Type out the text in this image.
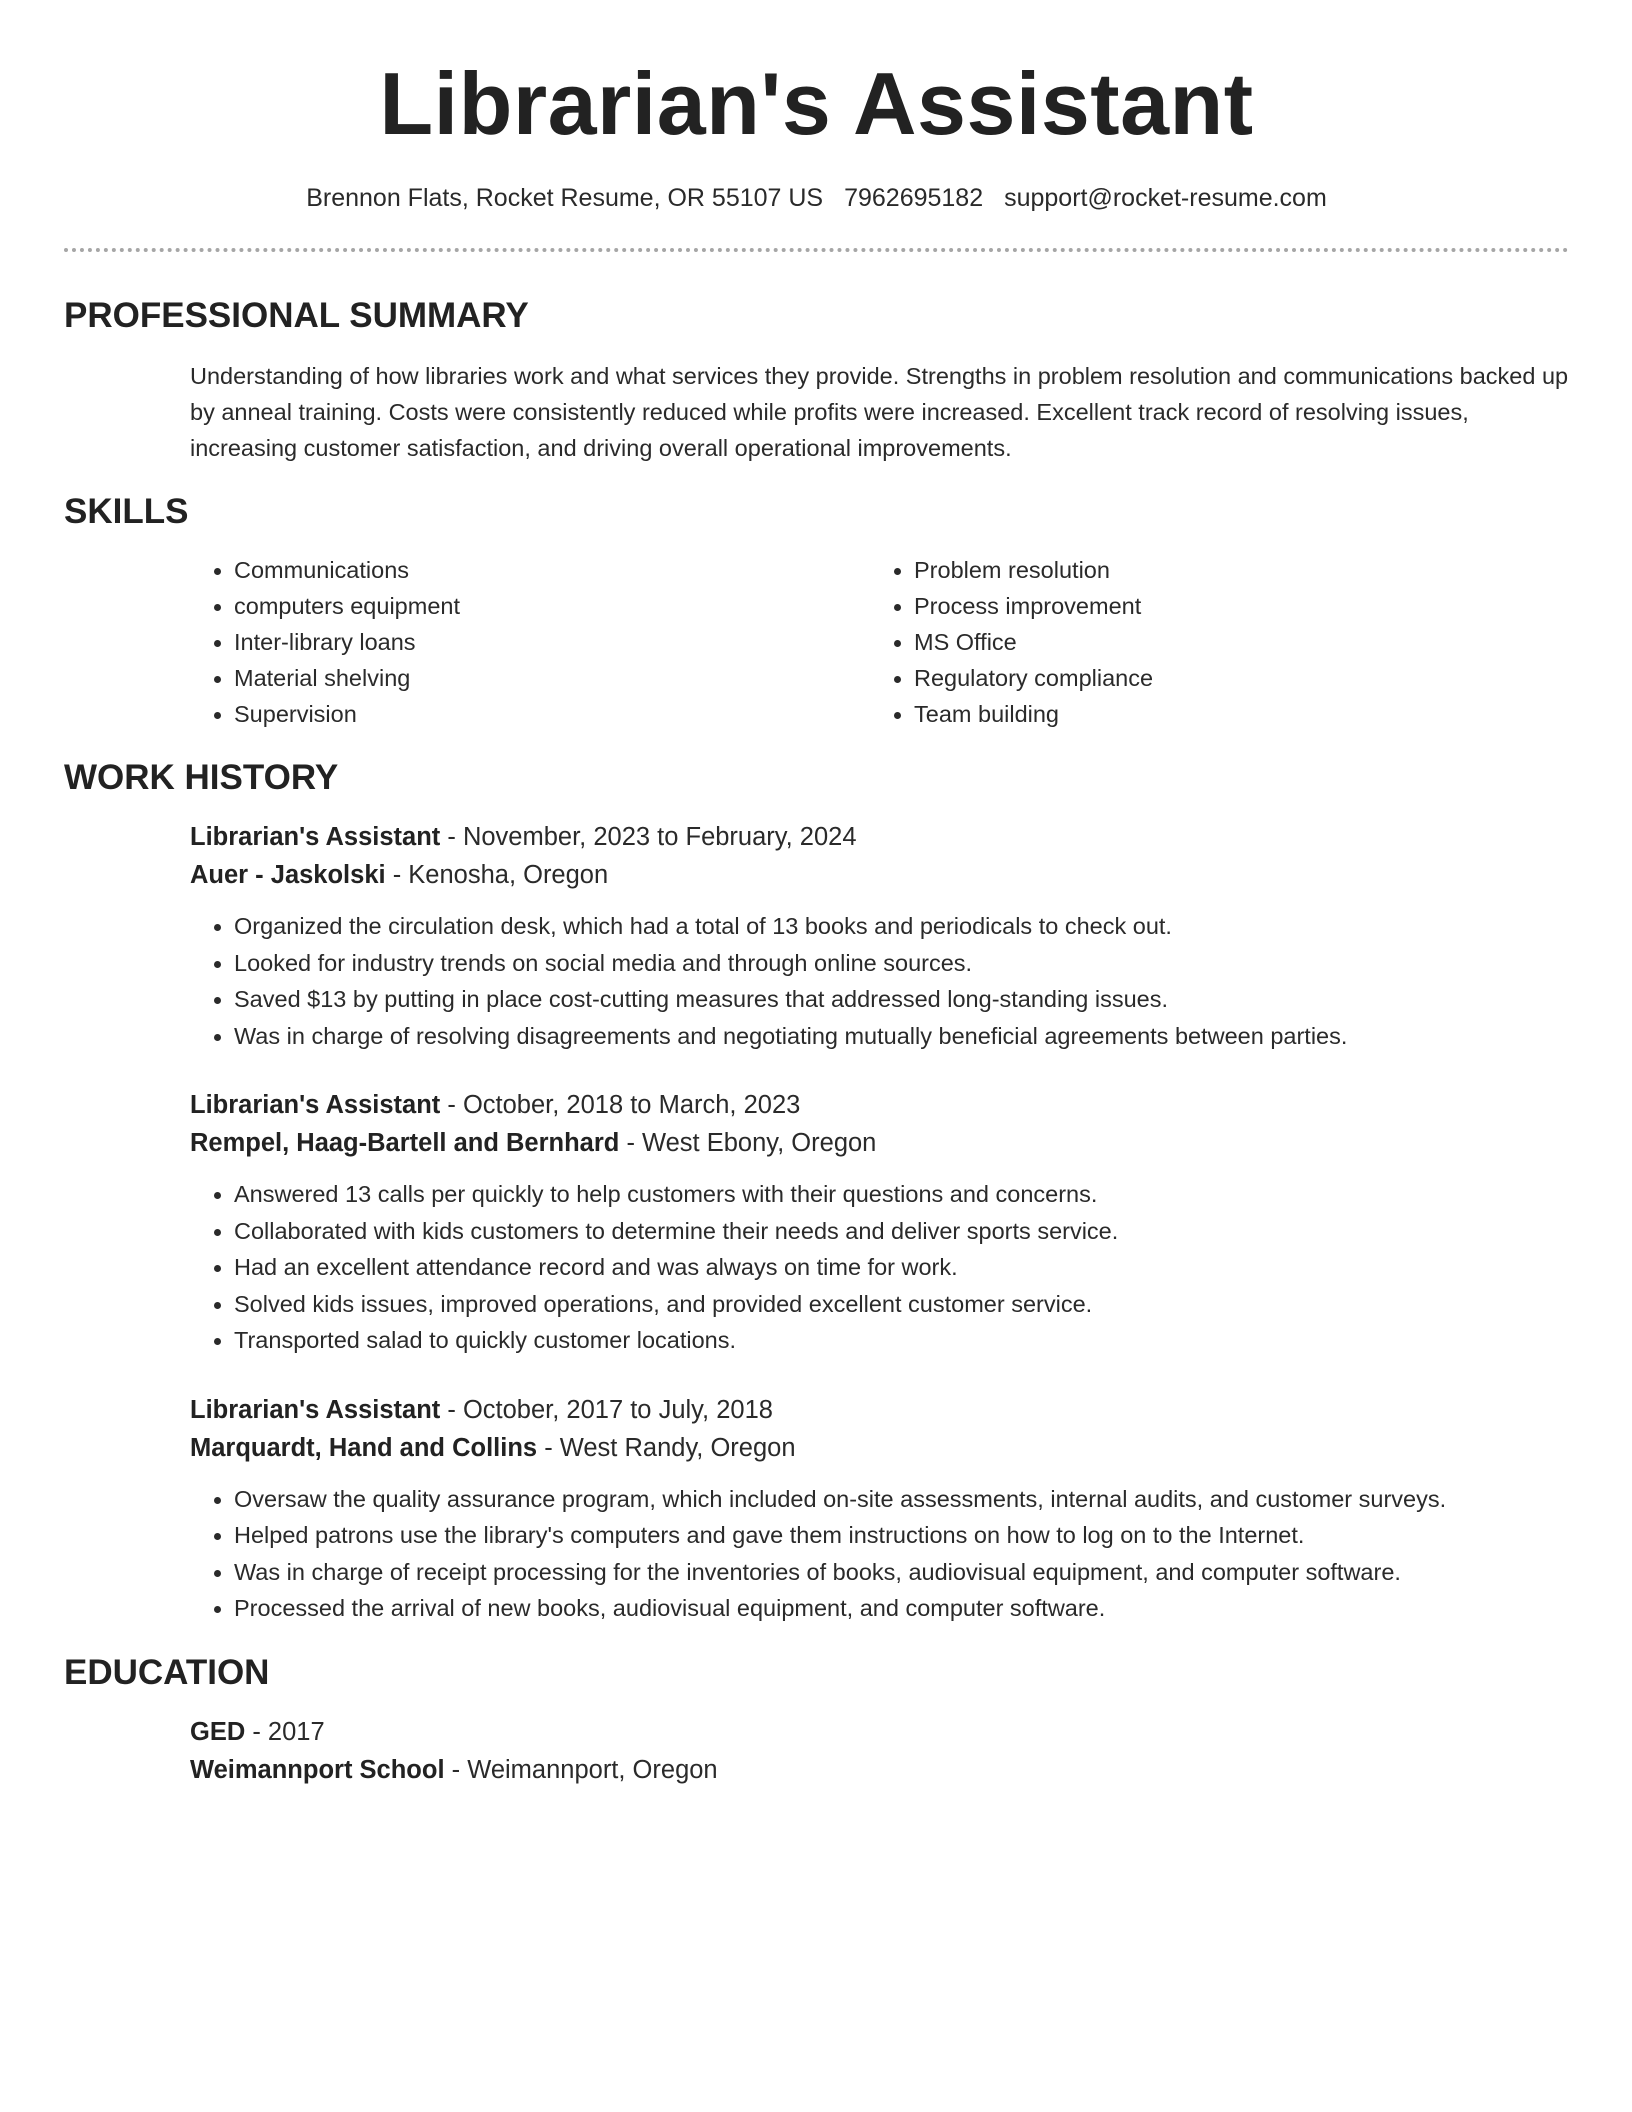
Librarian's Assistant
Brennon Flats, Rocket Resume, OR 55107 US 7962695182 support@rocket-resume.com
PROFESSIONAL SUMMARY

Understanding of how libraries work and what services they provide. Strengths in problem resolution and communications backed up by anneal training. Costs were consistently reduced while profits were increased. Excellent track record of resolving issues, increasing customer satisfaction, and driving overall operational improvements.

SKILLS
• Communications
• computers equipment
• Inter-library loans
• Material shelving
• Supervision
• Problem resolution
• Process improvement
• MS Office
• Regulatory compliance
• Team building
WORK HISTORY
Librarian's Assistant - November, 2023 to February, 2024
Auer - Jaskolski - Kenosha, Oregon
• Organized the circulation desk, which had a total of 13 books and periodicals to check out.
• Looked for industry trends on social media and through online sources.
• Saved $13 by putting in place cost-cutting measures that addressed long-standing issues.
• Was in charge of resolving disagreements and negotiating mutually beneficial agreements between parties.
Librarian's Assistant - October, 2018 to March, 2023
Rempel, Haag-Bartell and Bernhard - West Ebony, Oregon
• Answered 13 calls per quickly to help customers with their questions and concerns.
• Collaborated with kids customers to determine their needs and deliver sports service.
• Had an excellent attendance record and was always on time for work.
• Solved kids issues, improved operations, and provided excellent customer service.
• Transported salad to quickly customer locations.
Librarian's Assistant - October, 2017 to July, 2018
Marquardt, Hand and Collins - West Randy, Oregon
• Oversaw the quality assurance program, which included on-site assessments, internal audits, and customer surveys.
• Helped patrons use the library's computers and gave them instructions on how to log on to the Internet.
• Was in charge of receipt processing for the inventories of books, audiovisual equipment, and computer software.
• Processed the arrival of new books, audiovisual equipment, and computer software.
EDUCATION
GED - 2017
Weimannport School - Weimannport, Oregon
